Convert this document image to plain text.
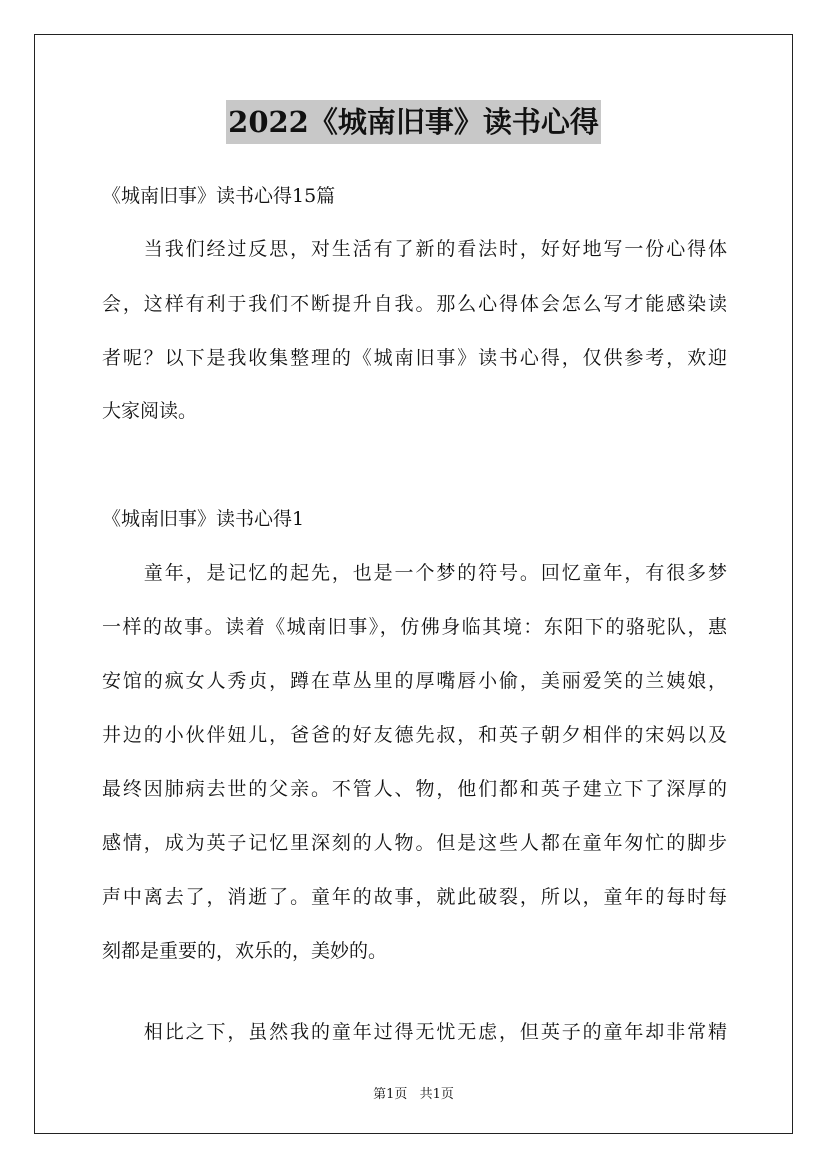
2022《城南旧事》读书心得
《城南旧事》读书心得15篇
　　当我们经过反思，对生活有了新的看法时，好好地写一份心得体
会，这样有利于我们不断提升自我。那么心得体会怎么写才能感染读
者呢？以下是我收集整理的《城南旧事》读书心得，仅供参考，欢迎
大家阅读。
《城南旧事》读书心得1
　　童年，是记忆的起先，也是一个梦的符号。回忆童年，有很多梦
一样的故事。读着《城南旧事》，仿佛身临其境：东阳下的骆驼队，惠
安馆的疯女人秀贞，蹲在草丛里的厚嘴唇小偷，美丽爱笑的兰姨娘，
井边的小伙伴妞儿，爸爸的好友德先叔，和英子朝夕相伴的宋妈以及
最终因肺病去世的父亲。不管人、物，他们都和英子建立下了深厚的
感情，成为英子记忆里深刻的人物。但是这些人都在童年匆忙的脚步
声中离去了，消逝了。童年的故事，就此破裂，所以，童年的每时每
刻都是重要的，欢乐的，美妙的。
　　相比之下，虽然我的童年过得无忧无虑，但英子的童年却非常精
第1页 共1页
